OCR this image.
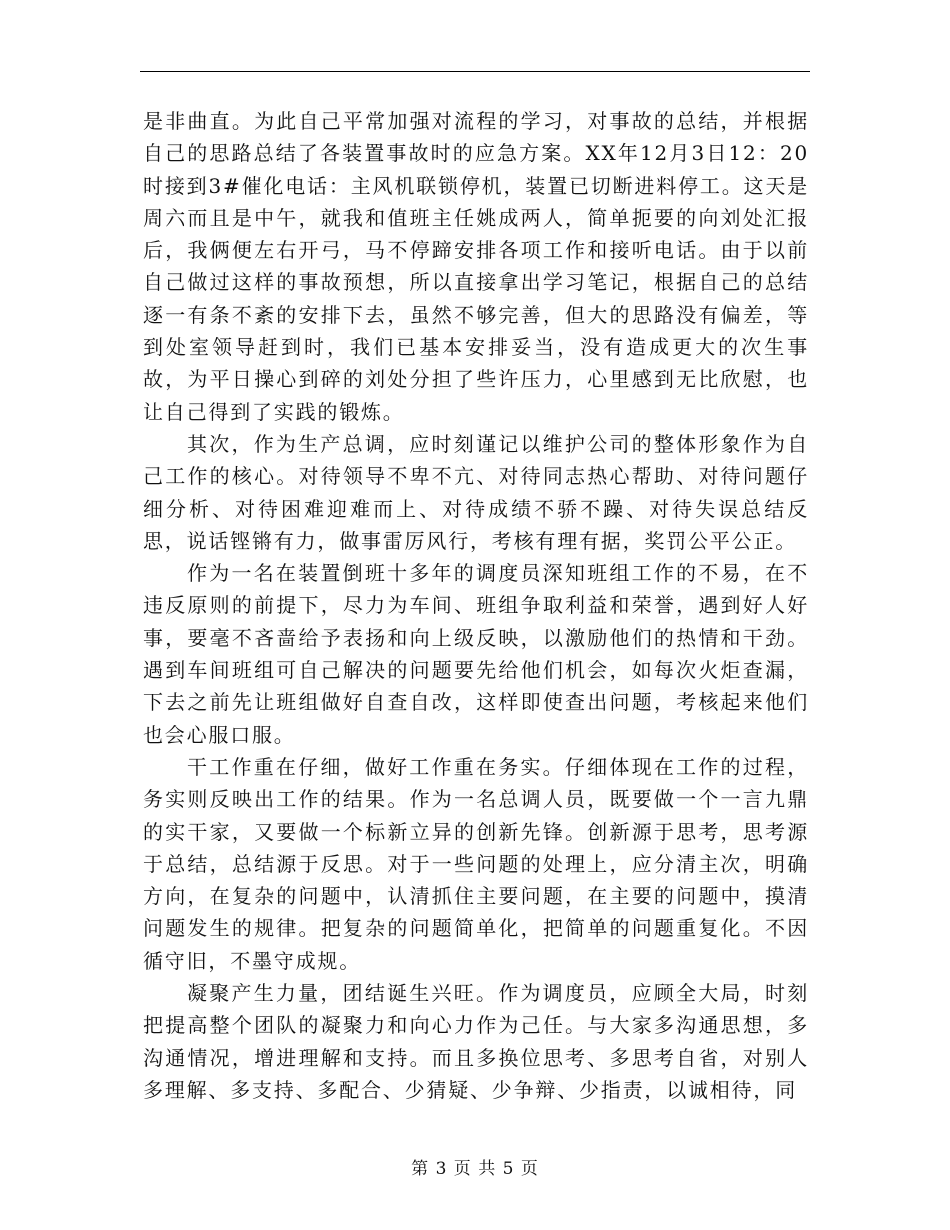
是非曲直。为此自己平常加强对流程的学习，对事故的总结，并根据自己的思路总结了各装置事故时的应急方案。XX年12月3日12：20时接到3#催化电话：主风机联锁停机，装置已切断进料停工。这天是周六而且是中午，就我和值班主任姚成两人，简单扼要的向刘处汇报后，我俩便左右开弓，马不停蹄安排各项工作和接听电话。由于以前自己做过这样的事故预想，所以直接拿出学习笔记，根据自己的总结逐一有条不紊的安排下去，虽然不够完善，但大的思路没有偏差，等到处室领导赶到时，我们已基本安排妥当，没有造成更大的次生事故，为平日操心到碎的刘处分担了些许压力，心里感到无比欣慰，也让自己得到了实践的锻炼。

其次，作为生产总调，应时刻谨记以维护公司的整体形象作为自己工作的核心。对待领导不卑不亢、对待同志热心帮助、对待问题仔细分析、对待困难迎难而上、对待成绩不骄不躁、对待失误总结反思，说话铿锵有力，做事雷厉风行，考核有理有据，奖罚公平公正。

作为一名在装置倒班十多年的调度员深知班组工作的不易，在不违反原则的前提下，尽力为车间、班组争取利益和荣誉，遇到好人好事，要毫不吝啬给予表扬和向上级反映，以激励他们的热情和干劲。遇到车间班组可自己解决的问题要先给他们机会，如每次火炬查漏，下去之前先让班组做好自查自改，这样即使查出问题，考核起来他们也会心服口服。

干工作重在仔细，做好工作重在务实。仔细体现在工作的过程，务实则反映出工作的结果。作为一名总调人员，既要做一个一言九鼎的实干家，又要做一个标新立异的创新先锋。创新源于思考，思考源于总结，总结源于反思。对于一些问题的处理上，应分清主次，明确方向，在复杂的问题中，认清抓住主要问题，在主要的问题中，摸清问题发生的规律。把复杂的问题简单化，把简单的问题重复化。不因循守旧，不墨守成规。

凝聚产生力量，团结诞生兴旺。作为调度员，应顾全大局，时刻把提高整个团队的凝聚力和向心力作为己任。与大家多沟通思想，多沟通情况，增进理解和支持。而且多换位思考、多思考自省，对别人多理解、多支持、多配合、少猜疑、少争辩、少指责，以诚相待，同

第 3 页 共 5 页
